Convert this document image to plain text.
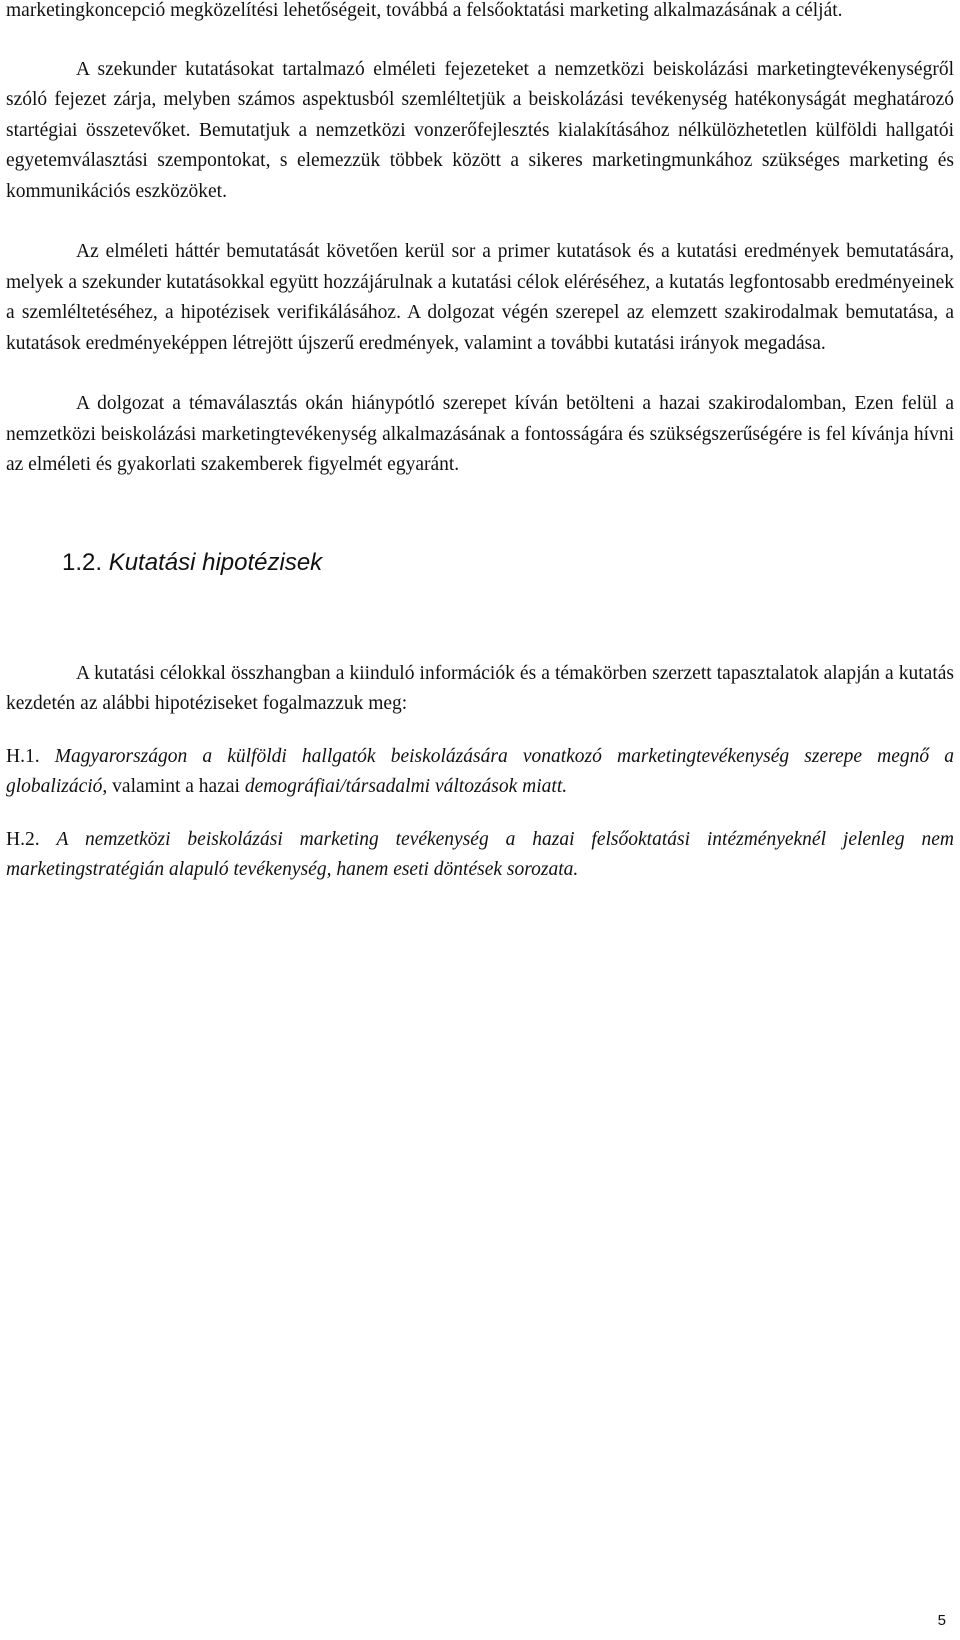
marketingkoncepció megközelítési lehetőségeit, továbbá a felsőoktatási marketing alkalmazásának a célját.

A szekunder kutatásokat tartalmazó elméleti fejezeteket a nemzetközi beiskolázási marketingtevékenységről szóló fejezet zárja, melyben számos aspektusból szemléltetjük a beiskolázási tevékenység hatékonyságát meghatározó startégiai összetevőket. Bemutatjuk a nemzetközi vonzerőfejlesztés kialakításához nélkülözhetetlen külföldi hallgatói egyetemválasztási szempontokat, s elemezzük többek között a sikeres marketingmunkához szükséges marketing és kommunikációs eszközöket.

Az elméleti háttér bemutatását követően kerül sor a primer kutatások és a kutatási eredmények bemutatására, melyek a szekunder kutatásokkal együtt hozzájárulnak a kutatási célok eléréséhez, a kutatás legfontosabb eredményeinek a szemléltetéséhez, a hipotézisek verifikálásához. A dolgozat végén szerepel az elemzett szakirodalmak bemutatása, a kutatások eredményeképpen létrejött újszerű eredmények, valamint a további kutatási irányok megadása.

A dolgozat a témaválasztás okán hiánypótló szerepet kíván betölteni a hazai szakirodalomban, Ezen felül a nemzetközi beiskolázási marketingtevékenység alkalmazásának a fontosságára és szükségszerűségére is fel kívánja hívni az elméleti és gyakorlati szakemberek figyelmét egyaránt.

1.2. Kutatási hipotézisek

A kutatási célokkal összhangban a kiinduló információk és a témakörben szerzett tapasztalatok alapján a kutatás kezdetén az alábbi hipotéziseket fogalmazzuk meg:

H.1. Magyarországon a külföldi hallgatók beiskolázására vonatkozó marketingtevékenység szerepe megnő a globalizáció, valamint a hazai demográfiai/társadalmi változások miatt.

H.2. A nemzetközi beiskolázási marketing tevékenység a hazai felsőoktatási intézményeknél jelenleg nem marketingstratégián alapuló tevékenység, hanem eseti döntések sorozata.

5
